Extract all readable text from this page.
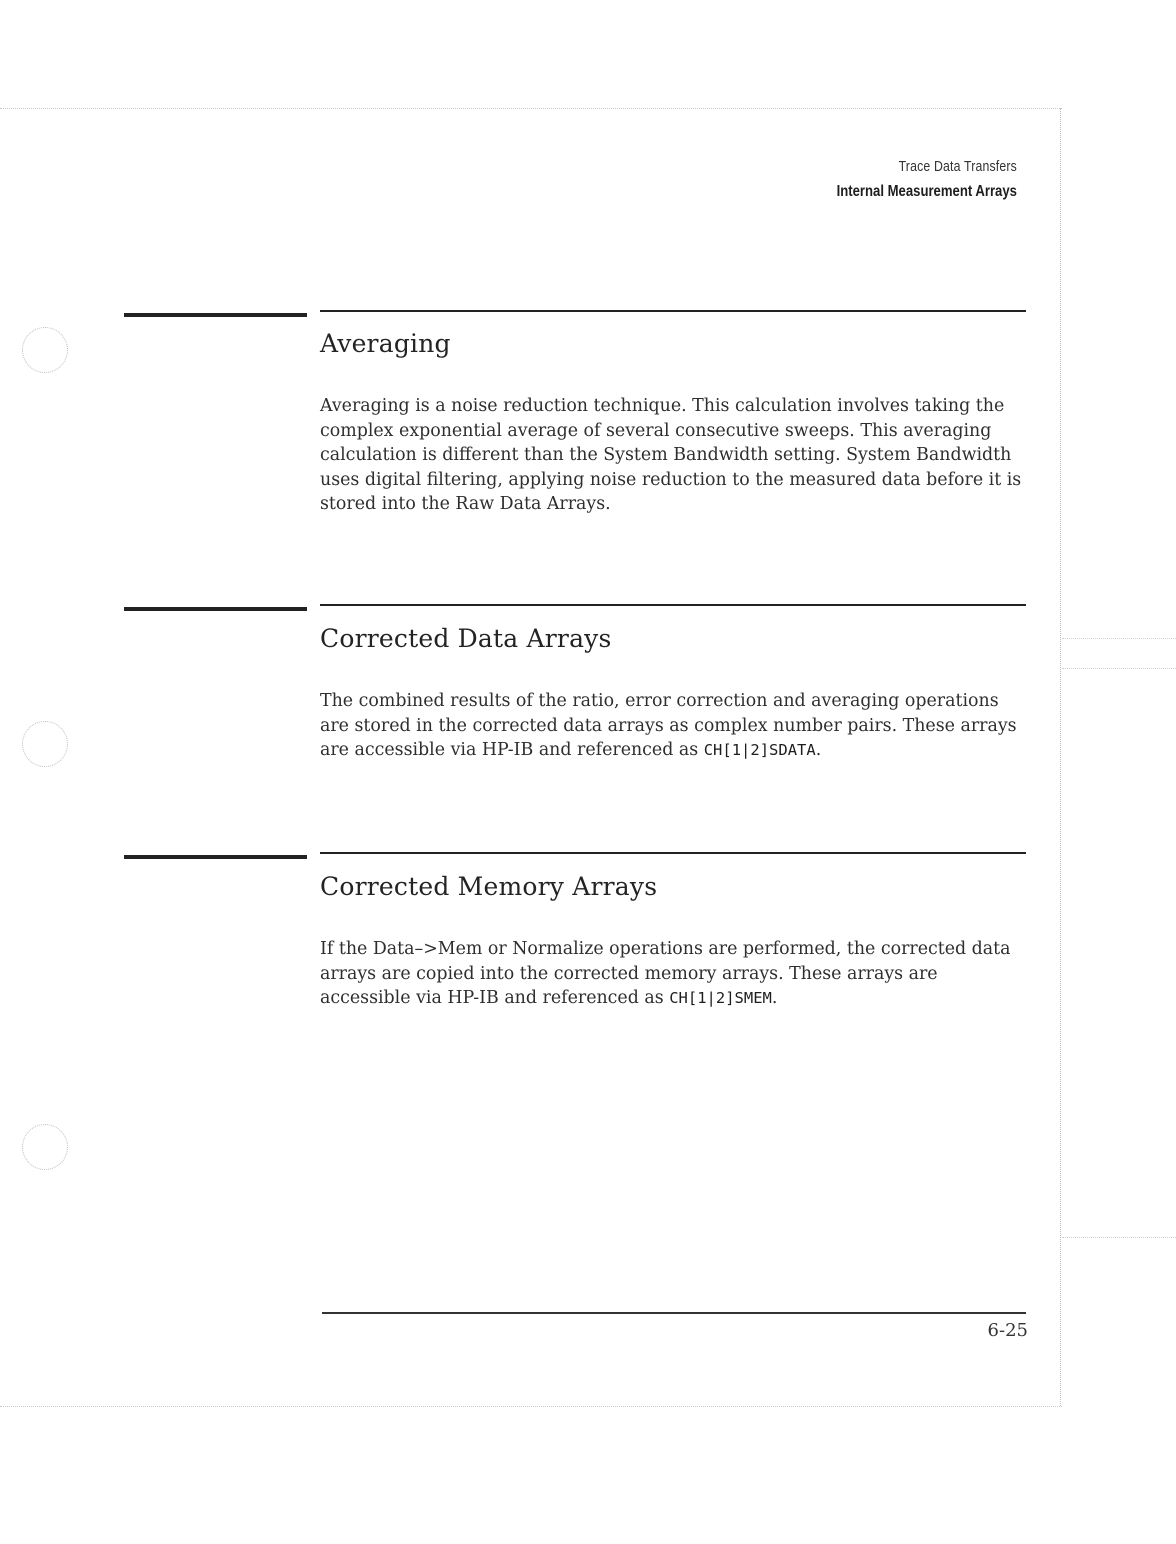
Trace Data Transfers
Internal Measurement Arrays
Averaging
Averaging is a noise reduction technique. This calculation involves taking the complex exponential average of several consecutive sweeps. This averaging calculation is different than the System Bandwidth setting. System Bandwidth uses digital filtering, applying noise reduction to the measured data before it is stored into the Raw Data Arrays.
Corrected Data Arrays
The combined results of the ratio, error correction and averaging operations are stored in the corrected data arrays as complex number pairs. These arrays are accessible via HP-IB and referenced as CH[1|2]SDATA.
Corrected Memory Arrays
If the Data–>Mem or Normalize operations are performed, the corrected data arrays are copied into the corrected memory arrays. These arrays are accessible via HP-IB and referenced as CH[1|2]SMEM.
6-25
